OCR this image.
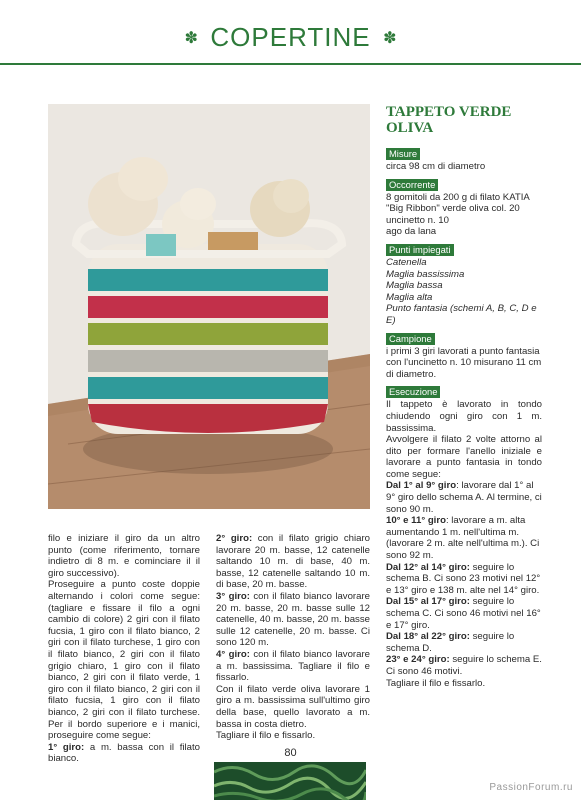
✽ COPERTINE ✽

filo e iniziare il giro da un altro punto (come riferimento, tornare indietro di 8 m. e cominciare il il giro successivo).

Proseguire a punto coste doppie alternando i colori come segue: (tagliare e fissare il filo a ogni cambio di colore) 2 giri con il filato fucsia, 1 giro con il filato bianco, 2 giri con il filato turchese, 1 giro con il filato bianco, 2 giri con il filato grigio chiaro, 1 giro con il filato bianco, 2 giri con il filato verde, 1 giro con il filato bianco, 2 giri con il filato fucsia, 1 giro con il filato bianco, 2 giri con il filato turchese. Per il bordo superiore e i manici, proseguire come segue:

1° giro: a m. bassa con il filato bianco.

2° giro: con il filato grigio chiaro lavorare 20 m. basse, 12 catenelle saltando 10 m. di base, 40 m. basse, 12 catenelle saltando 10 m. di base, 20 m. basse.

3° giro: con il filato bianco lavorare 20 m. basse, 20 m. basse sulle 12 catenelle, 40 m. basse, 20 m. basse sulle 12 catenelle, 20 m. basse. Ci sono 120 m.

4° giro: con il filato bianco lavorare a m. bassissima. Tagliare il filo e fissarlo.

Con il filato verde oliva lavorare 1 giro a m. bassissima sull'ultimo giro della base, quello lavorato a m. bassa in costa dietro.

Tagliare il filo e fissarlo.

TAPPETO VERDE OLIVA
Misure

circa 98 cm di diametro

Occorrente

8 gomitoli da 200 g di filato KATIA "Big Ribbon" verde oliva col. 20

uncinetto n. 10

ago da lana

Punti impiegati

Catenella

Maglia bassissima

Maglia bassa

Maglia alta

Punto fantasia (schemi A, B, C, D e E)

Campione

i primi 3 giri lavorati a punto fantasia con l'uncinetto n. 10 misurano 11 cm di diametro.

Esecuzione

Il tappeto è lavorato in tondo chiudendo ogni giro con 1 m. bassissima.

Avvolgere il filato 2 volte attorno al dito per formare l'anello iniziale e lavorare a punto fantasia in tondo come segue:

Dal 1° al 9° giro: lavorare dal 1° al 9° giro dello schema A. Al termine, ci sono 90 m.

10° e 11° giro: lavorare a m. alta aumentando 1 m. nell'ultima m. (lavorare 2 m. alte nell'ultima m.). Ci sono 92 m.

Dal 12° al 14° giro: seguire lo schema B. Ci sono 23 motivi nel 12° e 13° giro e 138 m. alte nel 14° giro.

Dal 15° al 17° giro: seguire lo schema C. Ci sono 46 motivi nel 16° e 17° giro.

Dal 18° al 22° giro: seguire lo schema D.

23° e 24° giro: seguire lo schema E. Ci sono 46 motivi.

Tagliare il filo e fissarlo.

80
PassionForum.ru
